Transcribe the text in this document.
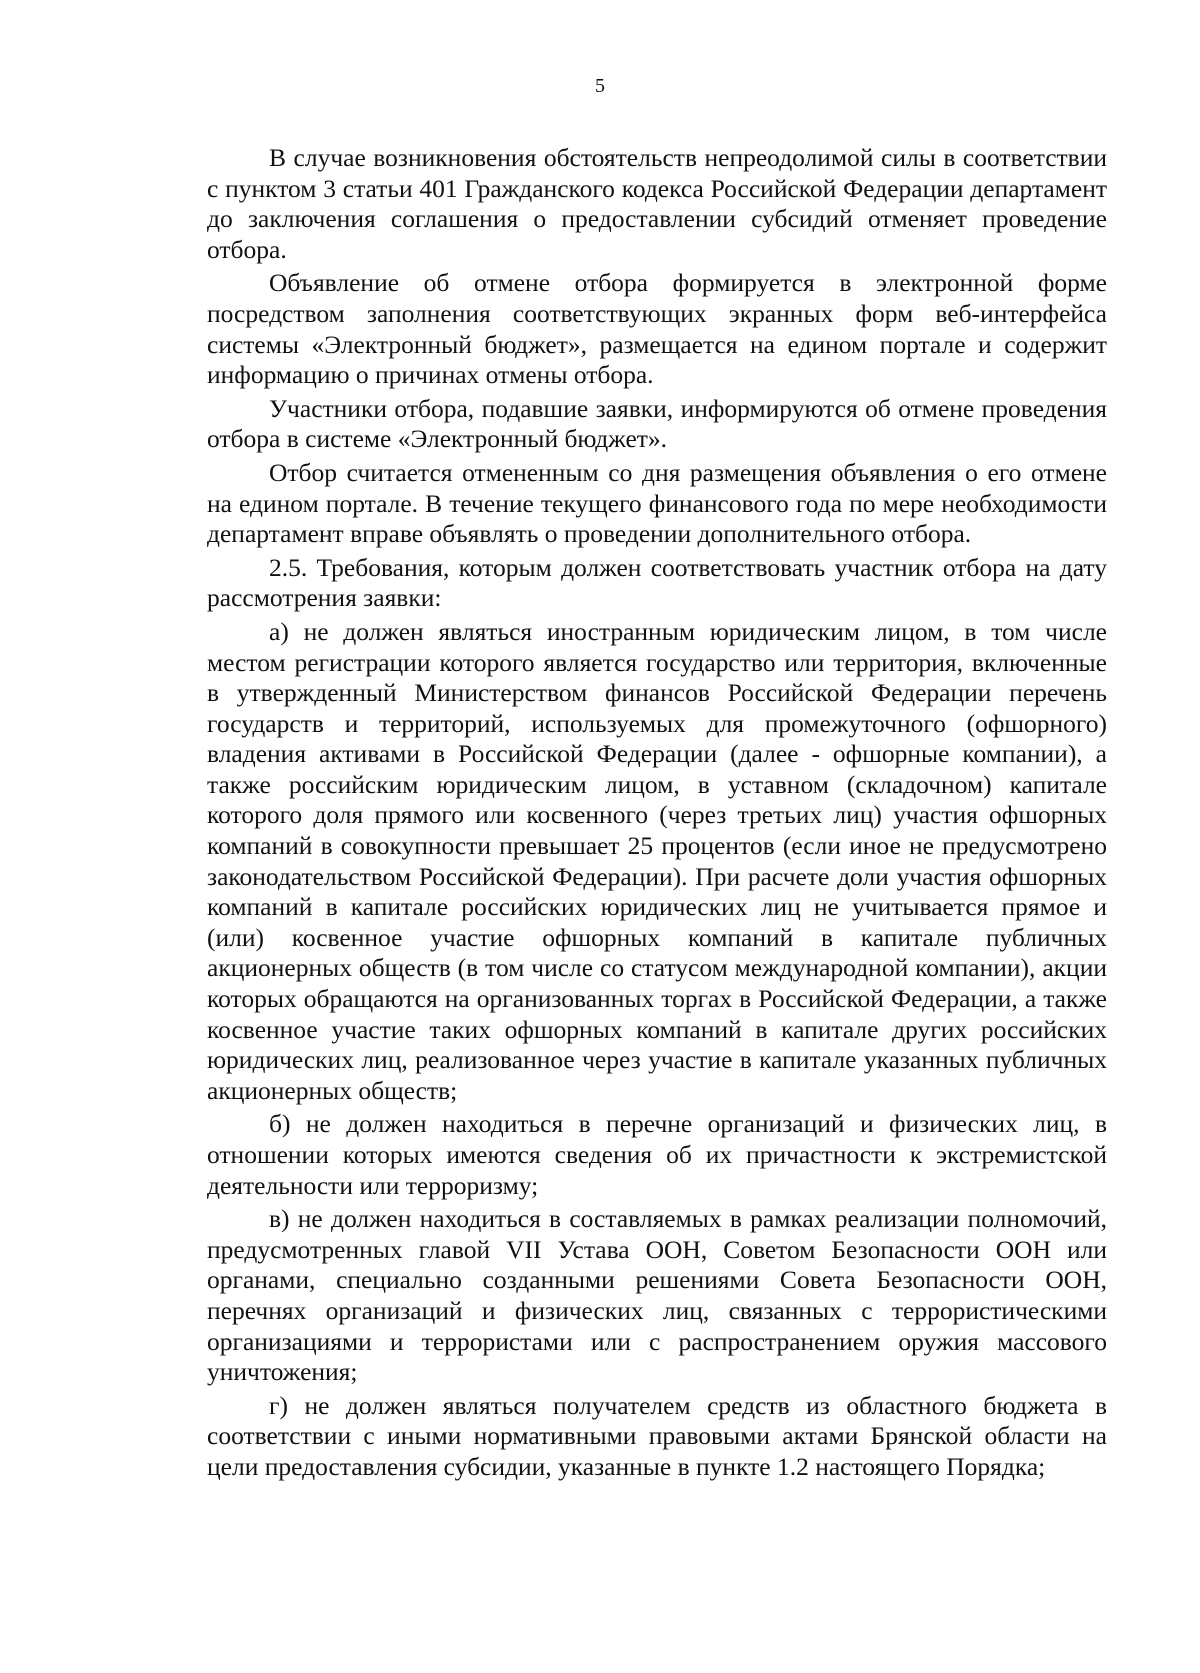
5

В случае возникновения обстоятельств непреодолимой силы в соответствии с пунктом 3 статьи 401 Гражданского кодекса Российской Федерации департамент до заключения соглашения о предоставлении субсидий отменяет проведение отбора.

Объявление об отмене отбора формируется в электронной форме посредством заполнения соответствующих экранных форм веб-интерфейса системы «Электронный бюджет», размещается на едином портале и содержит информацию о причинах отмены отбора.

Участники отбора, подавшие заявки, информируются об отмене проведения отбора в системе «Электронный бюджет».

Отбор считается отмененным со дня размещения объявления о его отмене на едином портале. В течение текущего финансового года по мере необходимости департамент вправе объявлять о проведении дополнительного отбора.

2.5. Требования, которым должен соответствовать участник отбора на дату рассмотрения заявки:

а) не должен являться иностранным юридическим лицом, в том числе местом регистрации которого является государство или территория, включенные в утвержденный Министерством финансов Российской Федерации перечень государств и территорий, используемых для промежуточного (офшорного) владения активами в Российской Федерации (далее - офшорные компании), а также российским юридическим лицом, в уставном (складочном) капитале которого доля прямого или косвенного (через третьих лиц) участия офшорных компаний в совокупности превышает 25 процентов (если иное не предусмотрено законодательством Российской Федерации). При расчете доли участия офшорных компаний в капитале российских юридических лиц не учитывается прямое и (или) косвенное участие офшорных компаний в капитале публичных акционерных обществ (в том числе со статусом международной компании), акции которых обращаются на организованных торгах в Российской Федерации, а также косвенное участие таких офшорных компаний в капитале других российских юридических лиц, реализованное через участие в капитале указанных публичных акционерных обществ;

б) не должен находиться в перечне организаций и физических лиц, в отношении которых имеются сведения об их причастности к экстремистской деятельности или терроризму;

в) не должен находиться в составляемых в рамках реализации полномочий, предусмотренных главой VII Устава ООН, Советом Безопасности ООН или органами, специально созданными решениями Совета Безопасности ООН, перечнях организаций и физических лиц, связанных с террористическими организациями и террористами или с распространением оружия массового уничтожения;

г) не должен являться получателем средств из областного бюджета в соответствии с иными нормативными правовыми актами Брянской области на цели предоставления субсидии, указанные в пункте 1.2 настоящего Порядка;
